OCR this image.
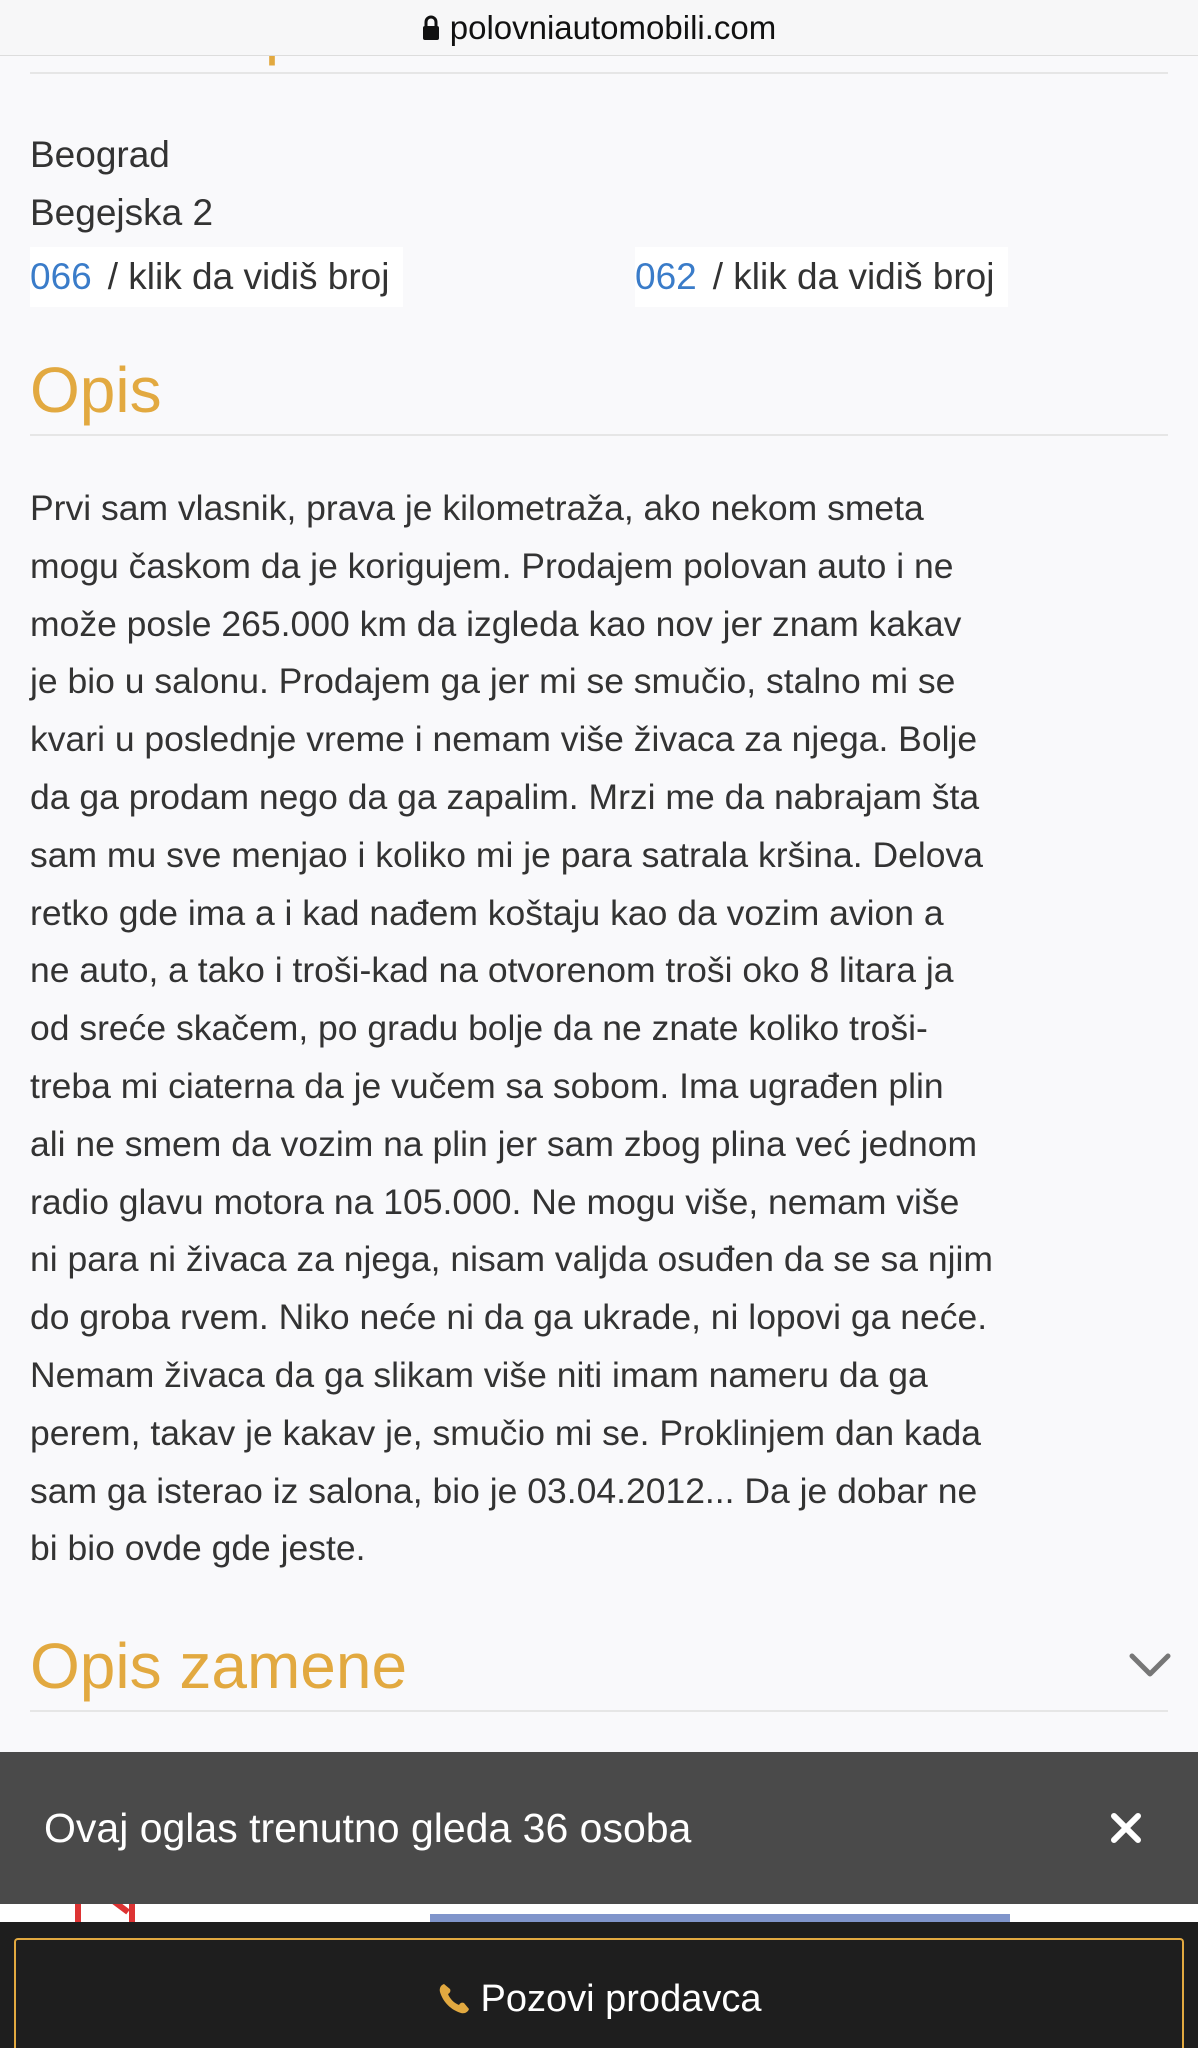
polovniautomobili.com
Beograd
Begejska 2
066 / klik da vidiš broj	062 / klik da vidiš broj
Opis
Prvi sam vlasnik, prava je kilometraža, ako nekom smeta
mogu časkom da je korigujem. Prodajem polovan auto i ne
može posle 265.000 km da izgleda kao nov jer znam kakav
je bio u salonu. Prodajem ga jer mi se smučio, stalno mi se
kvari u poslednje vreme i nemam više živaca za njega. Bolje
da ga prodam nego da ga zapalim. Mrzi me da nabrajam šta
sam mu sve menjao i koliko mi je para satrala kršina. Delova
retko gde ima a i kad nađem koštaju kao da vozim avion a
ne auto, a tako i troši-kad na otvorenom troši oko 8 litara ja
od sreće skačem, po gradu bolje da ne znate koliko troši-
treba mi ciaterna da je vučem sa sobom. Ima ugrađen plin
ali ne smem da vozim na plin jer sam zbog plina već jednom
radio glavu motora na 105.000. Ne mogu više, nemam više
ni para ni živaca za njega, nisam valjda osuđen da se sa njim
do groba rvem. Niko neće ni da ga ukrade, ni lopovi ga neće.
Nemam živaca da ga slikam više niti imam nameru da ga
perem, takav je kakav je, smučio mi se. Proklinjem dan kada
sam ga isterao iz salona, bio je 03.04.2012... Da je dobar ne
bi bio ovde gde jeste.
Opis zamene
Ovaj oglas trenutno gleda 36 osoba
Pozovi prodavca
